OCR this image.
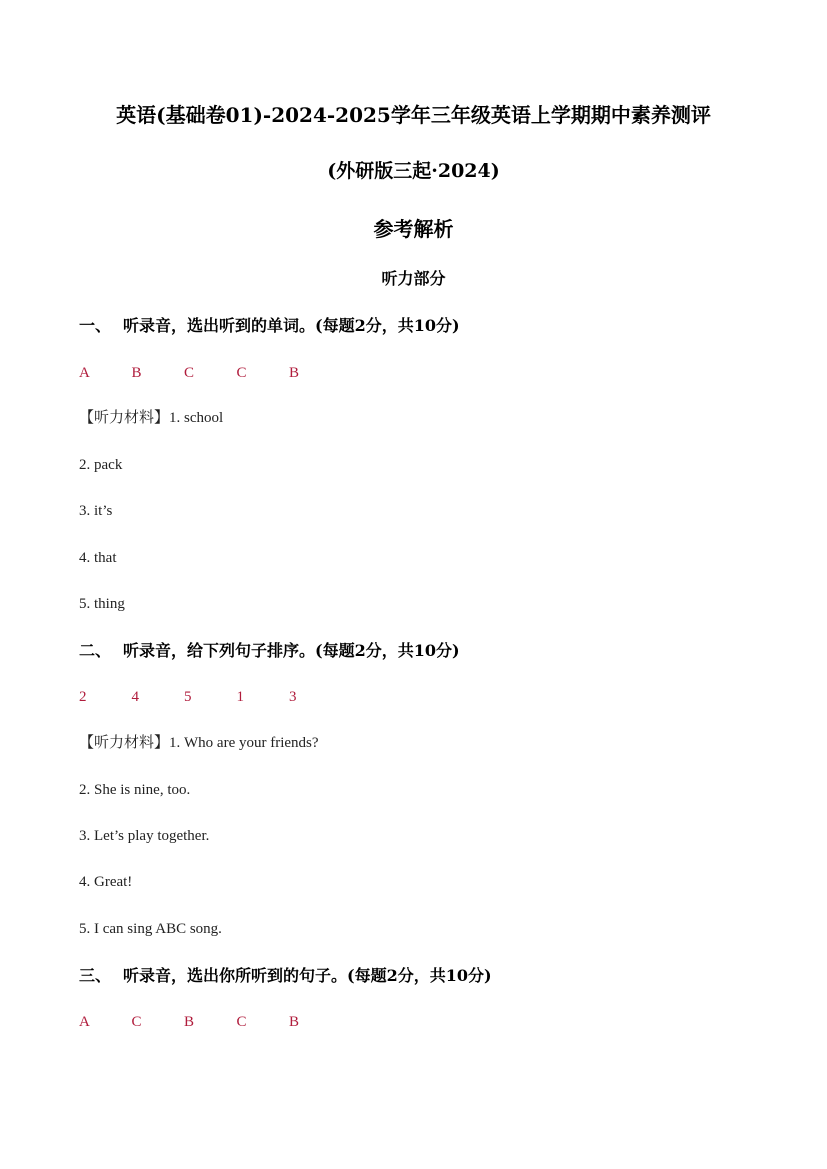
英语(基础卷01)-2024-2025学年三年级英语上学期期中素养测评
(外研版三起·2024)
参考解析
听力部分
一、 听录音，选出听到的单词。(每题2分，共10分)
A	B	C	C	B
【听力材料】1. school
2. pack
3. it’s
4. that
5. thing
二、 听录音，给下列句子排序。(每题2分，共10分)
2	4	5	1	3
【听力材料】1. Who are your friends?
2. She is nine, too.
3. Let’s play together.
4. Great!
5. I can sing ABC song.
三、 听录音，选出你所听到的句子。(每题2分，共10分)
A	C	B	C	B
